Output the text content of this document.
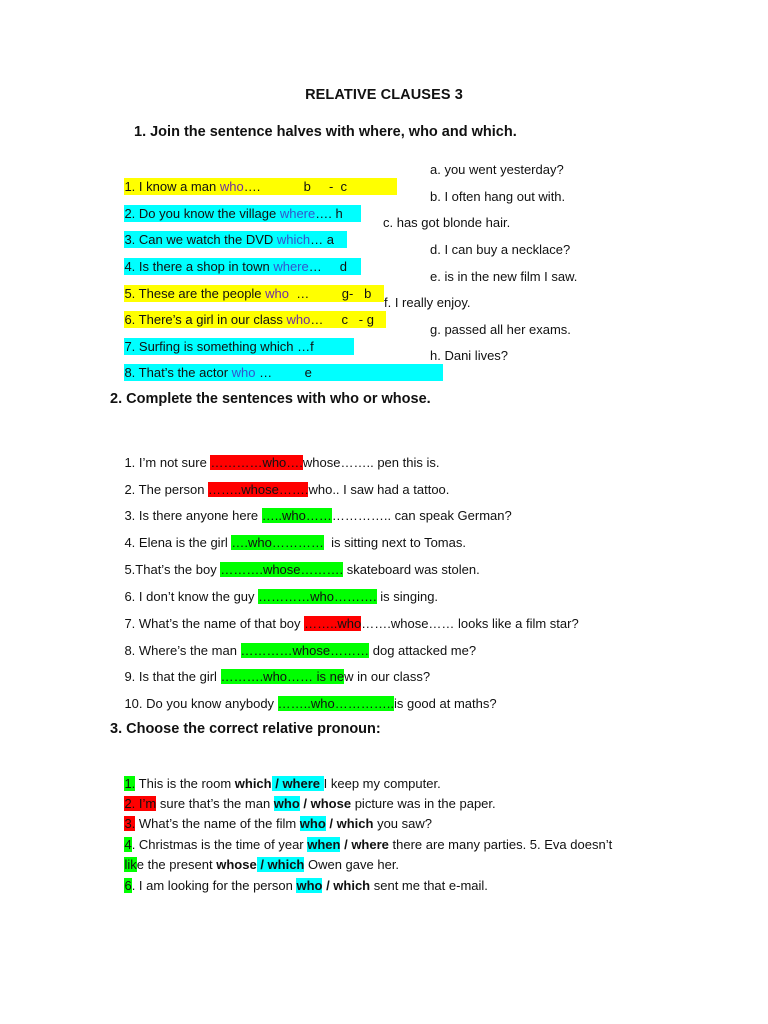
RELATIVE CLAUSES 3
1. Join the sentence halves with where, who and which.

1. I know a man who….            b     -  c

a. you went yesterday?

2. Do you know the village where…. h

b. I often hang out with.

3. Can we watch the DVD which… a

c. has got blonde hair.

4. Is there a shop in town where…     d

d. I can buy a necklace?

5. These are the people who  …         g-   b

e. is in the new film I saw.

6. There’s a girl in our class who…     c   - g

f. I really enjoy.

7. Surfing is something which …f

g. passed all her exams.

8. That’s the actor who …         e

h. Dani lives?
2. Complete the sentences with who or whose.

1. I’m not sure …………who….whose…….. pen this is.

2. The person ……..whose…….who.. I saw had a tattoo.

3. Is there anyone here …..who……………….. can speak German?

4. Elena is the girl ….who…………  is sitting next to Tomas.

5.That’s the boy ……….whose………. skateboard was stolen.

6. I don’t know the guy …………who………. is singing.

7. What’s the name of that boy ……..who…….whose…… looks like a film star?

8. Where’s the man …………whose……… dog attacked me?

9. Is that the girl ……….who…… is new in our class?

10. Do you know anybody ……..who…………..is good at maths?

3. Choose the correct relative pronoun:

1. This is the room which / where I keep my computer.

2. I’m sure that’s the man who / whose picture was in the paper.

3. What’s the name of the film who / which you saw?

4. Christmas is the time of year when / where there are many parties. 5. Eva doesn’t

like the present whose / which Owen gave her.

6. I am looking for the person who / which sent me that e-mail.
